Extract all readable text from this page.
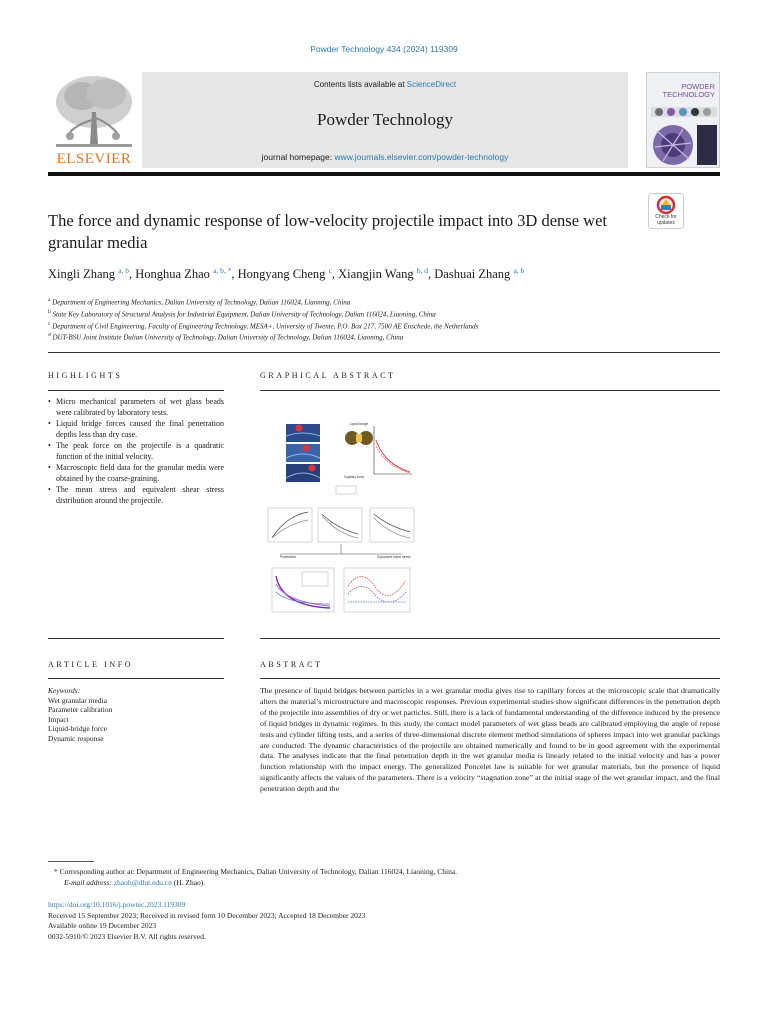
Powder Technology 434 (2024) 119309
ELSEVIER
Contents lists available at ScienceDirect
Powder Technology
journal homepage: www.journals.elsevier.com/powder-technology
POWDER
TECHNOLOGY
The force and dynamic response of low-velocity projectile impact into 3D dense wet granular media
Check for
updates
Xingli Zhang $^{a, b}$, Honghua Zhao $^{a, b, *}$, Hongyang Cheng $^c$, Xiangjin Wang $^{b, d}$, Dashuai Zhang $^{a, b}$
$^a$ Department of Engineering Mechanics, Dalian University of Technology, Dalian 116024, Liaoning, China
$^b$ State Key Laboratory of Structural Analysis for Industrial Equipment, Dalian University of Technology, Dalian 116024, Liaoning, China
$^c$ Department of Civil Engineering, Faculty of Engineering Technology, MESA+, University of Twente, P.O. Box 217, 7500 AE Enschede, the Netherlands
$^d$ DUT-BSU Joint Institute Dalian University of Technology, Dalian University of Technology, Dalian 116024, Liaoning, China
HIGHLIGHTS
• Micro mechanical parameters of wet glass beads were calibrated by laboratory tests.
• Liquid bridge forces caused the final penetration depths less than dry case.
• The peak force on the projectile is a quadratic function of the initial velocity.
• Macroscopic field data for the granular media were obtained by the coarse-graining.
• The mean stress and equivalent shear stress distribution around the projectile.
GRAPHICAL ABSTRACT
Liquid bridge
Capillary force
Penetration	Equivalent shear stress
ARTICLE INFO
Keywords:
Wet granular media
Parameter calibration
Impact
Liquid-bridge force
Dynamic response
ABSTRACT
The presence of liquid bridges between particles in a wet granular media gives rise to capillary forces at the microscopic scale that dramatically alters the material’s microstructure and macroscopic responses. Previous experimental studies show significant differences in the penetration depth of the projectile into assemblies of dry or wet particles. Still, there is a lack of fundamental understanding of the difference induced by the presence of liquid bridges in dynamic regimes. In this study, the contact model parameters of wet glass beads are calibrated employing the angle of repose tests and cylinder lifting tests, and a series of three-dimensional discrete element method simulations of spheres impact into wet granular packings are conducted. The dynamic characteristics of the projectile are obtained numerically and found to be in good agreement with the experimental data. The analyses indicate that the final penetration depth in the wet granular media is linearly related to the initial velocity and has a power function relationship with the impact energy. The generalized Poncelet law is suitable for wet granular materials, but the presence of liquid significantly affects the values of the parameters. There is a velocity “stagnation zone” at the initial stage of the wet granular impact, and the final penetration depth and the
* Corresponding author at: Department of Engineering Mechanics, Dalian University of Technology, Dalian 116024, Liaoning, China.
E-mail address: zhaoh@dlut.edu.cn (H. Zhao).
https://doi.org/10.1016/j.powtec.2023.119309
Received 15 September 2023; Received in revised form 10 December 2023; Accepted 18 December 2023
Available online 19 December 2023
0032-5910/© 2023 Elsevier B.V. All rights reserved.
